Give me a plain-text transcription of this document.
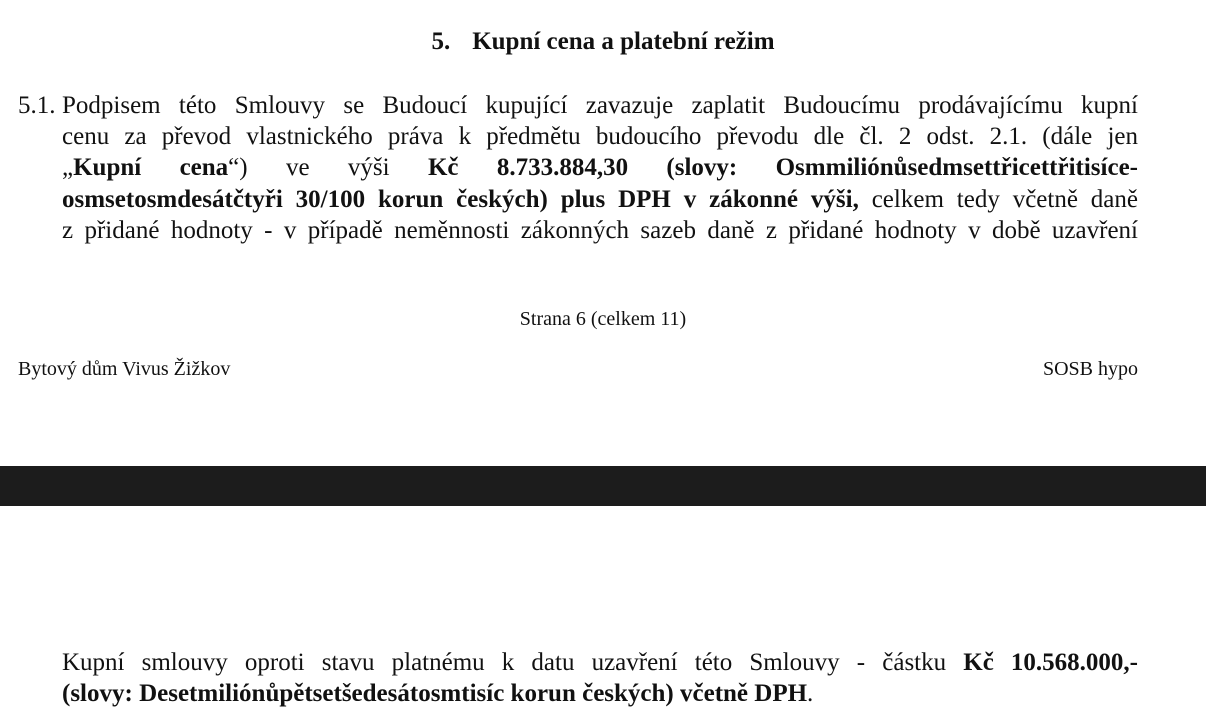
5. Kupní cena a platební režim
5.1. Podpisem této Smlouvy se Budoucí kupující zavazuje zaplatit Budoucímu prodávajícímu kupní
cenu za převod vlastnického práva k předmětu budoucího převodu dle čl. 2 odst. 2.1. (dále jen
„Kupní cena“) ve výši Kč 8.733.884,30 (slovy: Osmmiliónůsedmsettřicettřitisíce-
osmsetosmdesátčtyři 30/100 korun českých) plus DPH v zákonné výši, celkem tedy včetně daně
z přidané hodnoty - v případě neměnnosti zákonných sazeb daně z přidané hodnoty v době uzavření
Strana 6 (celkem 11)
Bytový dům Vivus Žižkov	SOSB hypo
Kupní smlouvy oproti stavu platnému k datu uzavření této Smlouvy - částku Kč 10.568.000,-
(slovy: Desetmiliónůpětsetšedesátosmtisíc korun českých) včetně DPH.
